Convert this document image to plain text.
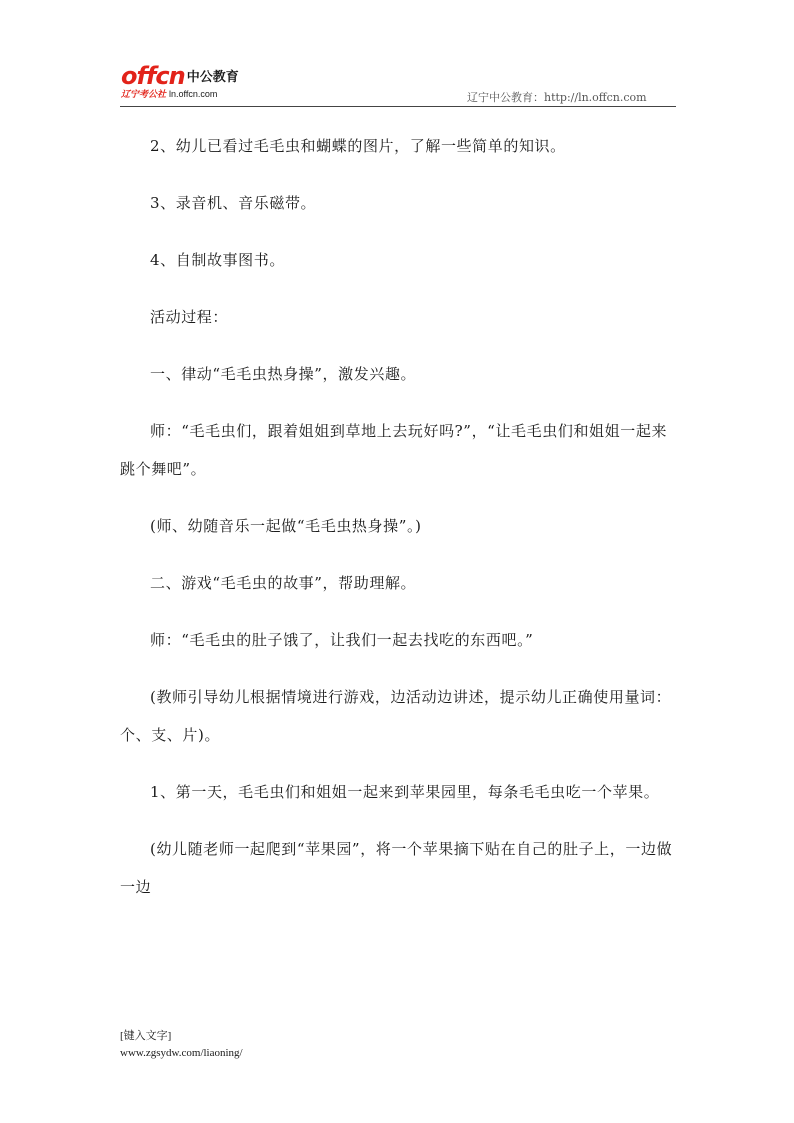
offcn 中公教育
辽宁考公社 ln.offcn.com	辽宁中公教育：http://ln.offcn.com

2、幼儿已看过毛毛虫和蝴蝶的图片，了解一些简单的知识。

3、录音机、音乐磁带。

4、自制故事图书。

活动过程：

一、律动“毛毛虫热身操”，激发兴趣。

师：“毛毛虫们，跟着姐姐到草地上去玩好吗?”，“让毛毛虫们和姐姐一起来跳个舞吧”。

(师、幼随音乐一起做“毛毛虫热身操”。)

二、游戏“毛毛虫的故事”，帮助理解。

师：“毛毛虫的肚子饿了，让我们一起去找吃的东西吧。”

(教师引导幼儿根据情境进行游戏，边活动边讲述，提示幼儿正确使用量词：个、支、片)。

1、第一天，毛毛虫们和姐姐一起来到苹果园里，每条毛毛虫吃一个苹果。

(幼儿随老师一起爬到“苹果园”，将一个苹果摘下贴在自己的肚子上，一边做一边

[键入文字]
www.zgsydw.com/liaoning/
